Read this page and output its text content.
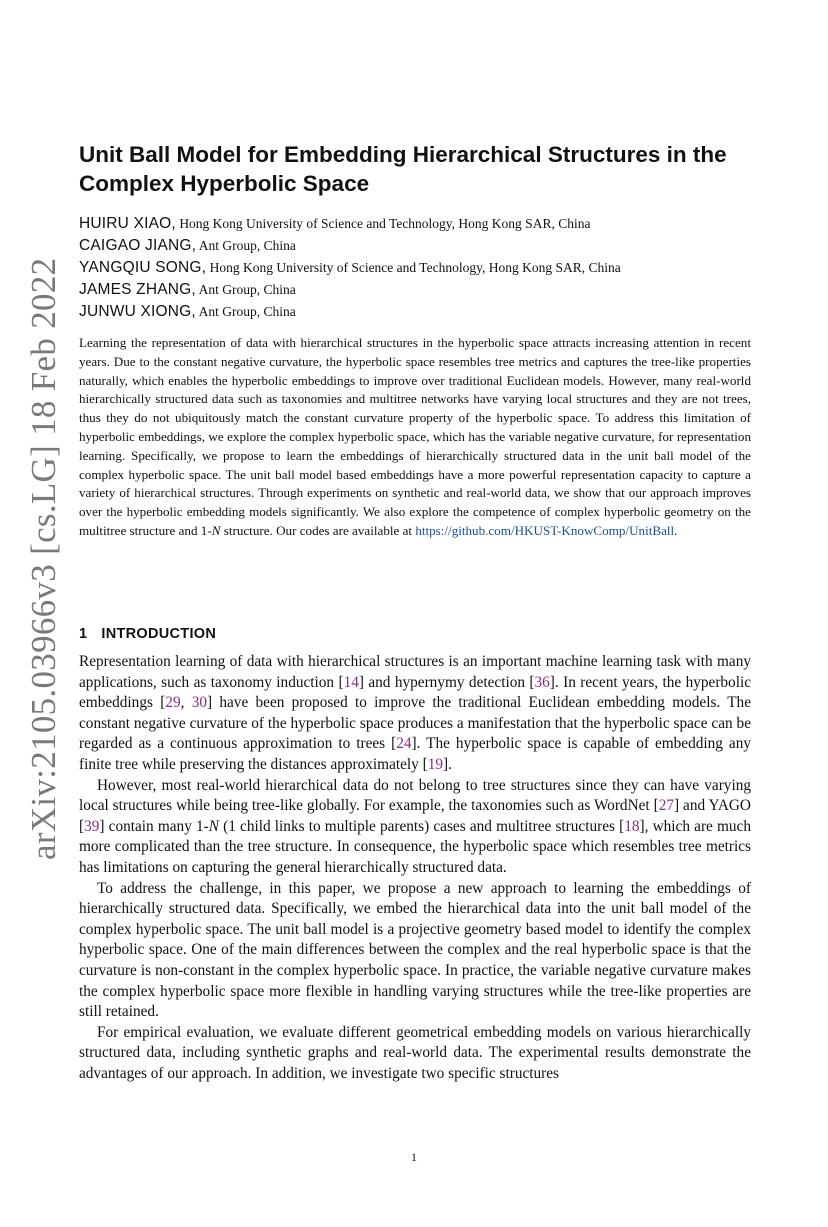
arXiv:2105.03966v3 [cs.LG] 18 Feb 2022
Unit Ball Model for Embedding Hierarchical Structures in the Complex Hyperbolic Space
HUIRU XIAO, Hong Kong University of Science and Technology, Hong Kong SAR, China
CAIGAO JIANG, Ant Group, China
YANGQIU SONG, Hong Kong University of Science and Technology, Hong Kong SAR, China
JAMES ZHANG, Ant Group, China
JUNWU XIONG, Ant Group, China

Learning the representation of data with hierarchical structures in the hyperbolic space attracts increasing attention in recent years. Due to the constant negative curvature, the hyperbolic space resembles tree metrics and captures the tree-like properties naturally, which enables the hyperbolic embeddings to improve over traditional Euclidean models. However, many real-world hierarchically structured data such as taxonomies and multitree networks have varying local structures and they are not trees, thus they do not ubiquitously match the constant curvature property of the hyperbolic space. To address this limitation of hyperbolic embeddings, we explore the complex hyperbolic space, which has the variable negative curvature, for representation learning. Specifically, we propose to learn the embeddings of hierarchically structured data in the unit ball model of the complex hyperbolic space. The unit ball model based embeddings have a more powerful representation capacity to capture a variety of hierarchical structures. Through experiments on synthetic and real-world data, we show that our approach improves over the hyperbolic embedding models significantly. We also explore the competence of complex hyperbolic geometry on the multitree structure and 1-N structure. Our codes are available at https://github.com/HKUST-KnowComp/UnitBall.

1 INTRODUCTION

Representation learning of data with hierarchical structures is an important machine learning task with many applications, such as taxonomy induction [14] and hypernymy detection [36]. In recent years, the hyperbolic embeddings [29, 30] have been proposed to improve the traditional Euclidean embedding models. The constant negative curvature of the hyperbolic space produces a manifestation that the hyperbolic space can be regarded as a continuous approximation to trees [24]. The hyperbolic space is capable of embedding any finite tree while preserving the distances approximately [19].

However, most real-world hierarchical data do not belong to tree structures since they can have varying local structures while being tree-like globally. For example, the taxonomies such as WordNet [27] and YAGO [39] contain many 1-N (1 child links to multiple parents) cases and multitree structures [18], which are much more complicated than the tree structure. In consequence, the hyperbolic space which resembles tree metrics has limitations on capturing the general hierarchically structured data.

To address the challenge, in this paper, we propose a new approach to learning the embeddings of hierarchically structured data. Specifically, we embed the hierarchical data into the unit ball model of the complex hyperbolic space. The unit ball model is a projective geometry based model to identify the complex hyperbolic space. One of the main differences between the complex and the real hyperbolic space is that the curvature is non-constant in the complex hyperbolic space. In practice, the variable negative curvature makes the complex hyperbolic space more flexible in handling varying structures while the tree-like properties are still retained.

For empirical evaluation, we evaluate different geometrical embedding models on various hierarchically structured data, including synthetic graphs and real-world data. The experimental results demonstrate the advantages of our approach. In addition, we investigate two specific structures

1
